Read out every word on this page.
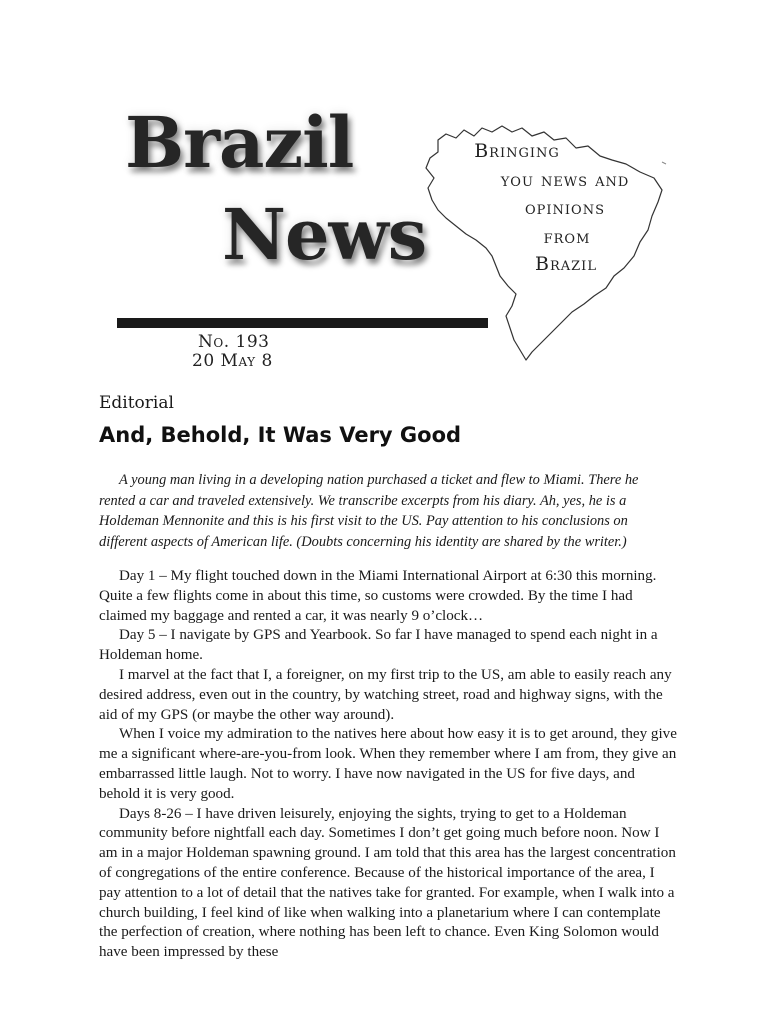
Brazil
News
Bringing
you news and
opinions
from
Brazil
No. 193
20 May 8
Editorial
And, Behold, It Was Very Good

A young man living in a developing nation purchased a ticket and flew to Miami. There he rented a car and traveled extensively. We transcribe excerpts from his diary. Ah, yes, he is a Holdeman Mennonite and this is his first visit to the US. Pay attention to his conclusions on different aspects of American life. (Doubts concerning his identity are shared by the writer.)

Day 1 – My flight touched down in the Miami International Airport at 6:30 this morning. Quite a few flights come in about this time, so customs were crowded. By the time I had claimed my baggage and rented a car, it was nearly 9 o’clock…

Day 5 – I navigate by GPS and Yearbook. So far I have managed to spend each night in a Holdeman home.

I marvel at the fact that I, a foreigner, on my first trip to the US, am able to easily reach any desired address, even out in the country, by watching street, road and highway signs, with the aid of my GPS (or maybe the other way around).

When I voice my admiration to the natives here about how easy it is to get around, they give me a significant where-are-you-from look. When they remember where I am from, they give an embarrassed little laugh. Not to worry. I have now navigated in the US for five days, and behold it is very good.

Days 8-26 – I have driven leisurely, enjoying the sights, trying to get to a Holdeman community before nightfall each day. Sometimes I don’t get going much before noon. Now I am in a major Holdeman spawning ground. I am told that this area has the largest concentration of congregations of the entire conference. Because of the historical importance of the area, I pay attention to a lot of detail that the natives take for granted. For example, when I walk into a church building, I feel kind of like when walking into a planetarium where I can contemplate the perfection of creation, where nothing has been left to chance. Even King Solomon would have been impressed by these
